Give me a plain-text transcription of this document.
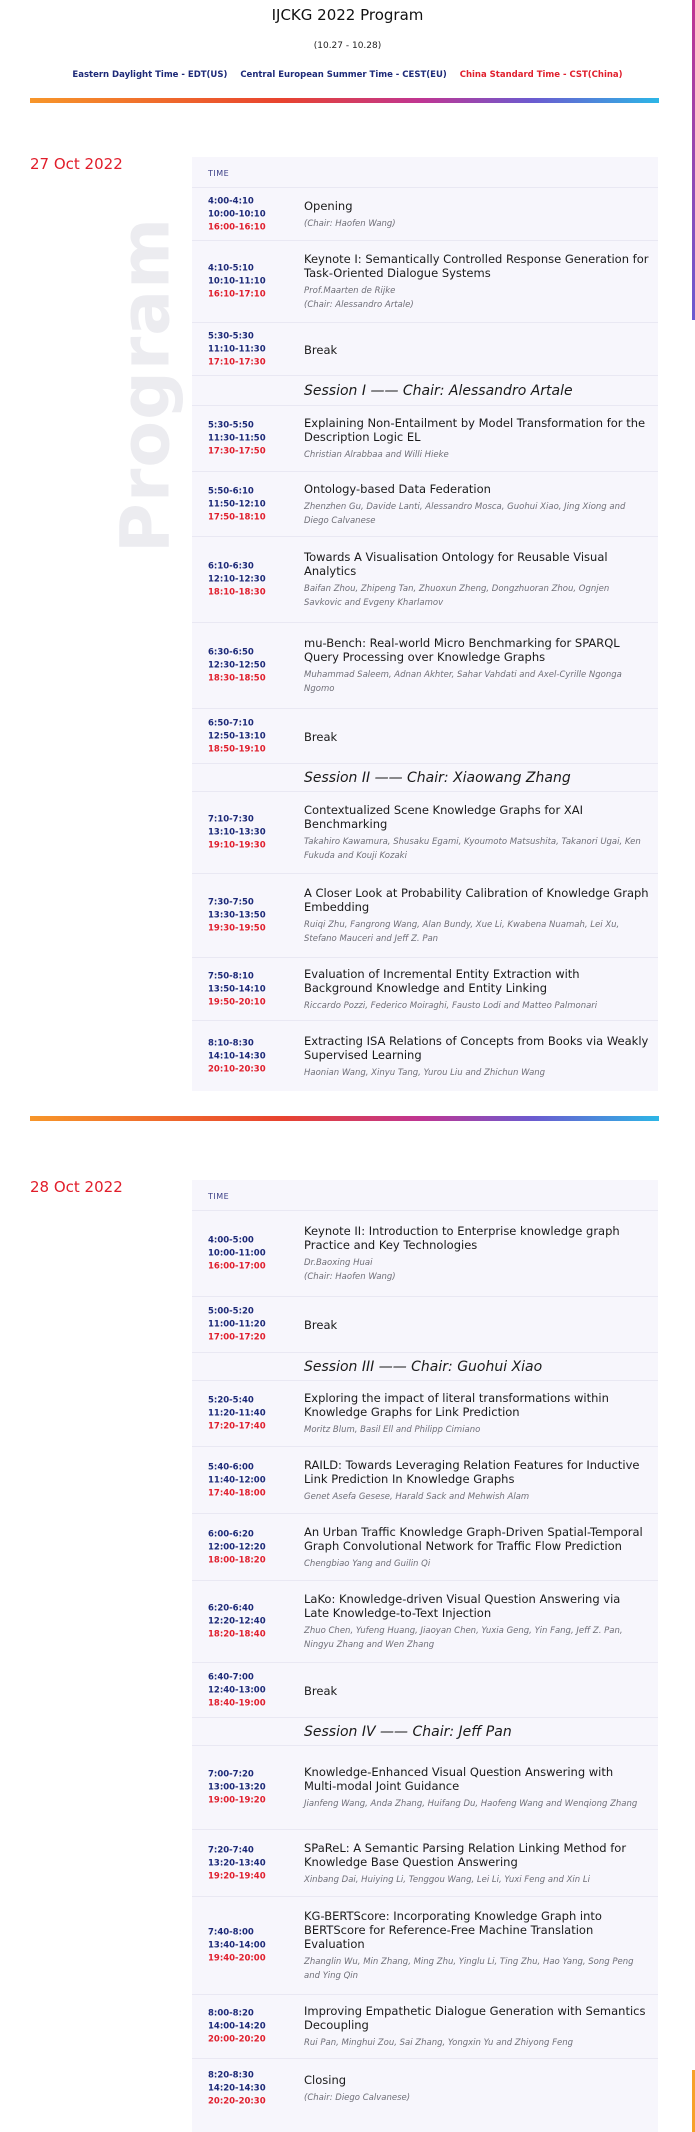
IJCKG 2022 Program
(10.27 - 10.28)
Eastern Daylight Time - EDT(US) Central European Summer Time - CEST(EU) China Standard Time - CST(China)
27 Oct 2022
Program
TIME
4:00-4:10
10:00-10:10
16:00-16:10
Opening
(Chair: Haofen Wang)
4:10-5:10
10:10-11:10
16:10-17:10
Keynote I: Semantically Controlled Response Generation for Task-Oriented Dialogue Systems
Prof.Maarten de Rijke
(Chair: Alessandro Artale)
5:30-5:30
11:10-11:30
17:10-17:30
Break
Session I —— Chair: Alessandro Artale
5:30-5:50
11:30-11:50
17:30-17:50
Explaining Non-Entailment by Model Transformation for the Description Logic EL
Christian Alrabbaa and Willi Hieke
5:50-6:10
11:50-12:10
17:50-18:10
Ontology-based Data Federation
Zhenzhen Gu, Davide Lanti, Alessandro Mosca, Guohui Xiao, Jing Xiong and Diego Calvanese
6:10-6:30
12:10-12:30
18:10-18:30
Towards A Visualisation Ontology for Reusable Visual Analytics
Baifan Zhou, Zhipeng Tan, Zhuoxun Zheng, Dongzhuoran Zhou, Ognjen Savkovic and Evgeny Kharlamov
6:30-6:50
12:30-12:50
18:30-18:50
mu-Bench: Real-world Micro Benchmarking for SPARQL Query Processing over Knowledge Graphs
Muhammad Saleem, Adnan Akhter, Sahar Vahdati and Axel-Cyrille Ngonga Ngomo
6:50-7:10
12:50-13:10
18:50-19:10
Break
Session II —— Chair: Xiaowang Zhang
7:10-7:30
13:10-13:30
19:10-19:30
Contextualized Scene Knowledge Graphs for XAI Benchmarking
Takahiro Kawamura, Shusaku Egami, Kyoumoto Matsushita, Takanori Ugai, Ken Fukuda and Kouji Kozaki
7:30-7:50
13:30-13:50
19:30-19:50
A Closer Look at Probability Calibration of Knowledge Graph Embedding
Ruiqi Zhu, Fangrong Wang, Alan Bundy, Xue Li, Kwabena Nuamah, Lei Xu, Stefano Mauceri and Jeff Z. Pan
7:50-8:10
13:50-14:10
19:50-20:10
Evaluation of Incremental Entity Extraction with Background Knowledge and Entity Linking
Riccardo Pozzi, Federico Moiraghi, Fausto Lodi and Matteo Palmonari
8:10-8:30
14:10-14:30
20:10-20:30
Extracting ISA Relations of Concepts from Books via Weakly Supervised Learning
Haonian Wang, Xinyu Tang, Yurou Liu and Zhichun Wang
28 Oct 2022
TIME
4:00-5:00
10:00-11:00
16:00-17:00
Keynote II: Introduction to Enterprise knowledge graph Practice and Key Technologies
Dr.Baoxing Huai
(Chair: Haofen Wang)
5:00-5:20
11:00-11:20
17:00-17:20
Break
Session III —— Chair: Guohui Xiao
5:20-5:40
11:20-11:40
17:20-17:40
Exploring the impact of literal transformations within Knowledge Graphs for Link Prediction
Moritz Blum, Basil Ell and Philipp Cimiano
5:40-6:00
11:40-12:00
17:40-18:00
RAILD: Towards Leveraging Relation Features for Inductive Link Prediction In Knowledge Graphs
Genet Asefa Gesese, Harald Sack and Mehwish Alam
6:00-6:20
12:00-12:20
18:00-18:20
An Urban Traffic Knowledge Graph-Driven Spatial-Temporal Graph Convolutional Network for Traffic Flow Prediction
Chengbiao Yang and Guilin Qi
6:20-6:40
12:20-12:40
18:20-18:40
LaKo: Knowledge-driven Visual Question Answering via Late Knowledge-to-Text Injection
Zhuo Chen, Yufeng Huang, Jiaoyan Chen, Yuxia Geng, Yin Fang, Jeff Z. Pan, Ningyu Zhang and Wen Zhang
6:40-7:00
12:40-13:00
18:40-19:00
Break
Session IV —— Chair: Jeff Pan
7:00-7:20
13:00-13:20
19:00-19:20
Knowledge-Enhanced Visual Question Answering with Multi-modal Joint Guidance
Jianfeng Wang, Anda Zhang, Huifang Du, Haofeng Wang and Wenqiong Zhang
7:20-7:40
13:20-13:40
19:20-19:40
SPaReL: A Semantic Parsing Relation Linking Method for Knowledge Base Question Answering
Xinbang Dai, Huiying Li, Tenggou Wang, Lei Li, Yuxi Feng and Xin Li
7:40-8:00
13:40-14:00
19:40-20:00
KG-BERTScore: Incorporating Knowledge Graph into BERTScore for Reference-Free Machine Translation Evaluation
Zhanglin Wu, Min Zhang, Ming Zhu, Yinglu Li, Ting Zhu, Hao Yang, Song Peng and Ying Qin
8:00-8:20
14:00-14:20
20:00-20:20
Improving Empathetic Dialogue Generation with Semantics Decoupling
Rui Pan, Minghui Zou, Sai Zhang, Yongxin Yu and Zhiyong Feng
8:20-8:30
14:20-14:30
20:20-20:30
Closing
(Chair: Diego Calvanese)
